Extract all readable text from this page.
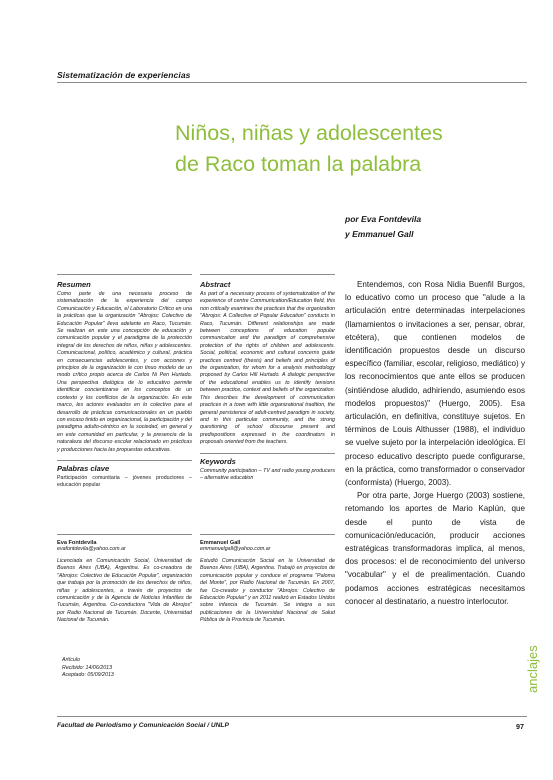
Sistematización de experiencias
Niños, niñas y adolescentes
de Raco toman la palabra
por Eva Fontdevila
y Emmanuel Gall

Resumen

Como parte de una necesaria proceso de sistematización de la experiencia del campo Comunicación y Educación, el Laboratorio Crítico en una la prácticas que la organización "Abrojos: Colectivo de Educación Popular" lleva adelante en Raco, Tucumán. Se realizan en este una concepción de educación y comunicación popular y el paradigma de la protección integral de los derechos de niños, niñas y adolescentes. Comunicacional, político, académico y cultural, práctica en consecuencias adolescentes, y con acciones y principios de la organización le con tinuo modelo de un modo crítico propio acerca de Carlos Ni Pen Hurtado. Una perspectiva dialógica de lo educativo permite identificar concientizarse en los conceptos de un contexto y los conflictos de la organización. En este marco, les actores evaluados en lo colectivo para el desarrollo de prácticas comunicacionales en un pueblo con escaso tinido en organizacional, la participación y del paradigma adulto-céntrico en la sociedad, en general y en este comunidad en particular, y la presencia de la naturaleza del discurso escolar relacionado en prácticas y producciones hacia las propuestas educativas.

Palabras clave

Participación comunitaria – jóvenes productores – educación popular

Abstract

As part of a necessary process of systematization of the experience of centre Communication/Education field, this non critically examines the practices that the organization "Abrojos: A Collective of Popular Education" conducts in Raco, Tucumán. Different relationships are made between conceptions of education popular communication and the paradigm of comprehensive protection of the rights of children and adolescents. Social, political, economic and cultural concerns guide practices centred (thesis) and beliefs and principles of the organization, for whom for a analysis methodology proposed by Carlos Hill Hurtado. A dialogic perspective of the educational enables us to identify tensions between practice, context and beliefs of the organization. This describes the development of communication practices in a town with little organizational tradition, the general persistence of adult-centred paradigm in society, and in this particular community, and the strong questioning of school discourse present and predispositions expressed in the coordinators in proposals oriented from the teachers.

Keywords

Community participation – TV and radio young producers – alternative education

Entendemos, con Rosa Nidia Buenfil Burgos, lo educativo como un proceso que "alude a la articulación entre determinadas interpelaciones (llamamientos o invitaciones a ser, pensar, obrar, etcétera), que contienen modelos de identificación propuestos desde un discurso específico (familiar, escolar, religioso, mediático) y los reconocimientos que ante ellos se producen (sintiéndose aludido, adhiriendo, asumiendo esos modelos propuestos)" (Huergo, 2005). Esa articulación, en definitiva, constituye sujetos. En términos de Louis Althusser (1988), el individuo se vuelve sujeto por la interpelación ideológica. El proceso educativo descripto puede configurarse, en la práctica, como transformador o conservador (conformista) (Huergo, 2003).

Por otra parte, Jorge Huergo (2003) sostiene, retomando los aportes de Mario Kaplún, que desde el punto de vista de comunicación/educación, producir acciones estratégicas transformadoras implica, al menos, dos procesos: el de reconocimiento del universo "vocabular" y el de prealimentación. Cuando podamos acciones estratégicas necesitamos conocer al destinatario, a nuestro interlocutor.

Eva Fontdevila

evafontdevila@yahoo.com.ar

Licenciada en Comunicación Social, Universidad de Buenos Aires (UBA), Argentina. Es co-creadora de "Abrojos: Colectivo de Educación Popular", organización que trabaja por la promoción de los derechos de niños, niñas y adolescentes, a través de proyectos de comunicación y de la Agencia de Noticias Infantiles de Tucumán, Argentina. Co-conductora "Vida de Abrojos" por Radio Nacional de Tucumán. Docente, Universidad Nacional de Tucumán.

Emmanuel Gall

emmanuelgall@yahoo.com.ar

Estudió Comunicación Social en la Universidad de Buenos Aires (UBA), Argentina. Trabajó en proyectos de comunicación popular y conduce el programa "Paloma del Monte", por Radio Nacional de Tucumán. En 2007, fue Co-creador y conductor "Abrojos: Colectivo de Educación Popular" y en 2011 realizó en Estados Unidos sobre infancia de Tucumán. Se integra a sus publicaciones de la Universidad Nacional de Salud Pública de la Provincia de Tucumán.

Artículo
Recibido: 14/06/2013
Aceptado: 05/09/2013	anclajes
Facultad de Periodismo y Comunicación Social / UNLP	97
